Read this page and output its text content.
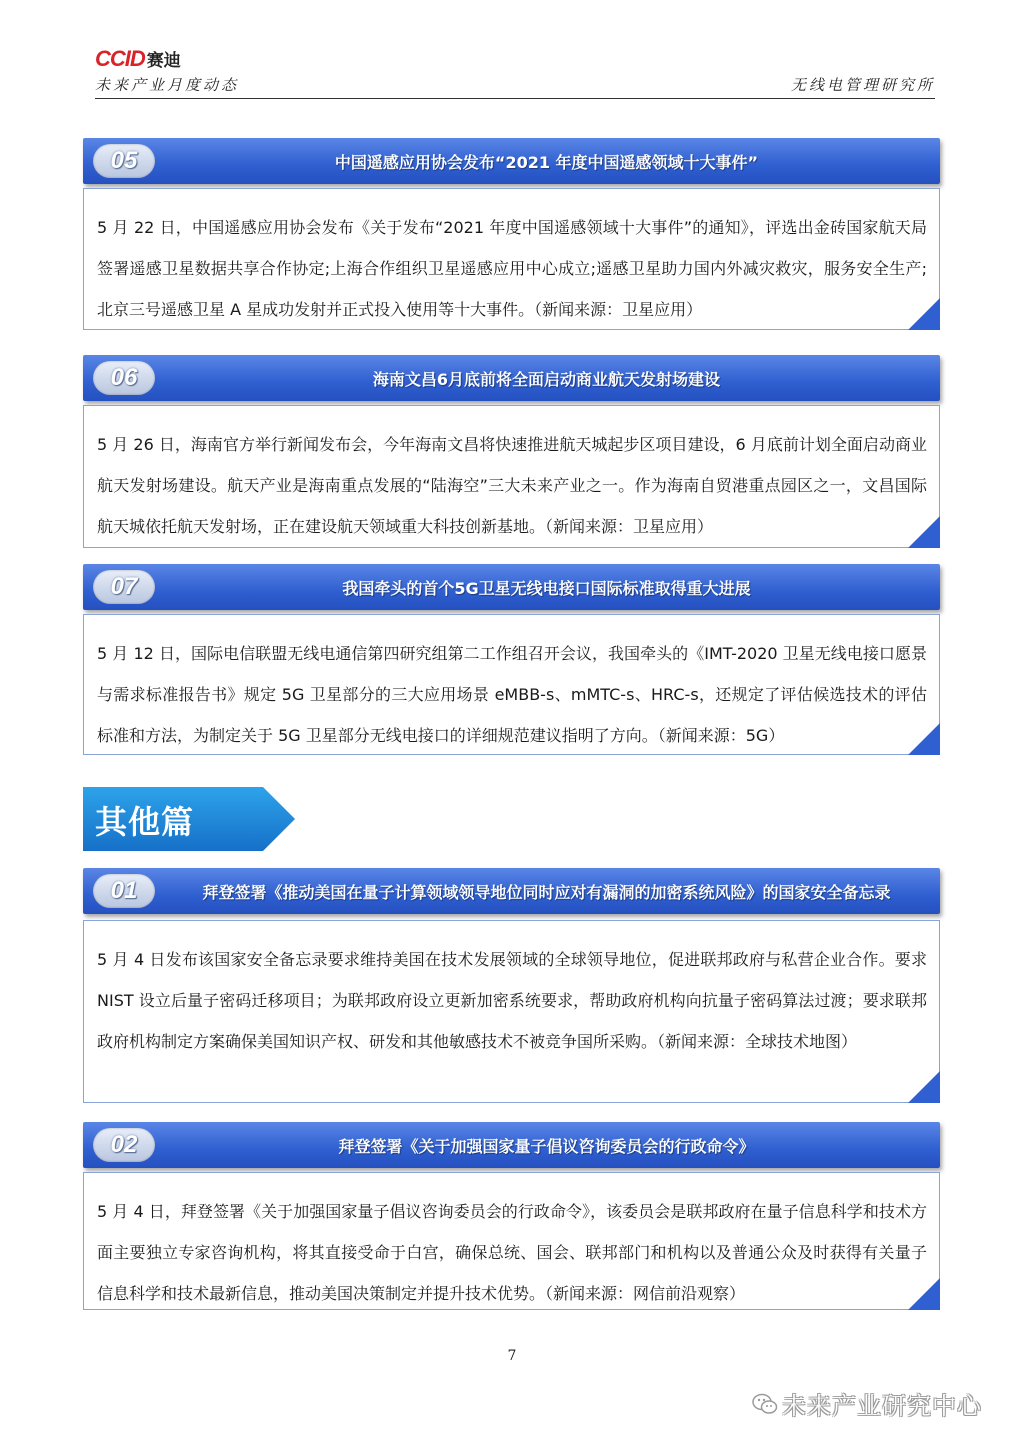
CCID 赛迪
未来产业月度动态	无线电管理研究所
05	中国遥感应用协会发布“2021 年度中国遥感领域十大事件”

5 月 22 日，中国遥感应用协会发布《关于发布“2021 年度中国遥感领域十大事件”的通知》，评选出金砖国家航天局签署遥感卫星数据共享合作协定;上海合作组织卫星遥感应用中心成立;遥感卫星助力国内外减灾救灾，服务安全生产;北京三号遥感卫星 A 星成功发射并正式投入使用等十大事件。（新闻来源：卫星应用）

06	海南文昌6月底前将全面启动商业航天发射场建设

5 月 26 日，海南官方举行新闻发布会，今年海南文昌将快速推进航天城起步区项目建设，6 月底前计划全面启动商业航天发射场建设。航天产业是海南重点发展的“陆海空”三大未来产业之一。作为海南自贸港重点园区之一，文昌国际航天城依托航天发射场，正在建设航天领域重大科技创新基地。（新闻来源：卫星应用）

07	我国牵头的首个5G卫星无线电接口国际标准取得重大进展

5 月 12 日，国际电信联盟无线电通信第四研究组第二工作组召开会议，我国牵头的《IMT-2020 卫星无线电接口愿景与需求标准报告书》规定 5G 卫星部分的三大应用场景 eMBB-s、mMTC-s、HRC-s，还规定了评估候选技术的评估标准和方法，为制定关于 5G 卫星部分无线电接口的详细规范建议指明了方向。（新闻来源：5G）

其他篇
01	拜登签署《推动美国在量子计算领域领导地位同时应对有漏洞的加密系统风险》的国家安全备忘录

5 月 4 日发布该国家安全备忘录要求维持美国在技术发展领域的全球领导地位，促进联邦政府与私营企业合作。要求 NIST 设立后量子密码迁移项目；为联邦政府设立更新加密系统要求，帮助政府机构向抗量子密码算法过渡；要求联邦政府机构制定方案确保美国知识产权、研发和其他敏感技术不被竞争国所采购。（新闻来源：全球技术地图）

02	拜登签署《关于加强国家量子倡议咨询委员会的行政命令》

5 月 4 日，拜登签署《关于加强国家量子倡议咨询委员会的行政命令》，该委员会是联邦政府在量子信息科学和技术方面主要独立专家咨询机构，将其直接受命于白宫，确保总统、国会、联邦部门和机构以及普通公众及时获得有关量子信息科学和技术最新信息，推动美国决策制定并提升技术优势。（新闻来源：网信前沿观察）

7
未来产业研究中心
